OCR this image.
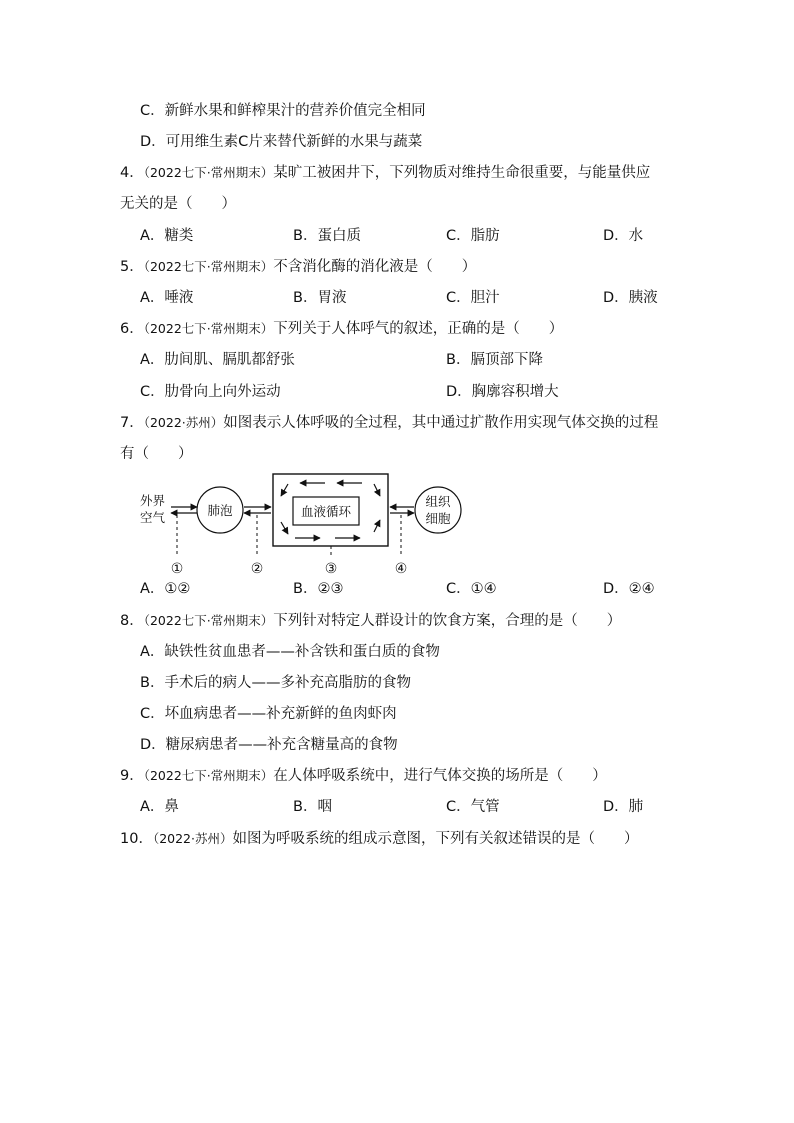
C．新鲜水果和鲜榨果汁的营养价值完全相同
D．可用维生素C片来替代新鲜的水果与蔬菜
4．（2022七下·常州期末）某旷工被困井下，下列物质对维持生命很重要，与能量供应
无关的是（　　）
A．糖类	B．蛋白质	C．脂肪	D．水
5．（2022七下·常州期末）不含消化酶的消化液是（　　）
A．唾液	B．胃液	C．胆汁	D．胰液
6．（2022七下·常州期末）下列关于人体呼气的叙述，正确的是（　　）
A．肋间肌、膈肌都舒张	B．膈顶部下降
C．肋骨向上向外运动	D．胸廓容积增大
7．（2022·苏州）如图表示人体呼吸的全过程，其中通过扩散作用实现气体交换的过程
有（　　）
外界
空气	肺泡	血液循环
组织
细胞
①	②	③	④
A．①②	B．②③	C．①④	D．②④
8．（2022七下·常州期末）下列针对特定人群设计的饮食方案，合理的是（　　）
A．缺铁性贫血患者——补含铁和蛋白质的食物
B．手术后的病人——多补充高脂肪的食物
C．坏血病患者——补充新鲜的鱼肉虾肉
D．糖尿病患者——补充含糖量高的食物
9．（2022七下·常州期末）在人体呼吸系统中，进行气体交换的场所是（　　）
A．鼻	B．咽	C．气管	D．肺
10．（2022·苏州）如图为呼吸系统的组成示意图，下列有关叙述错误的是（　　）
